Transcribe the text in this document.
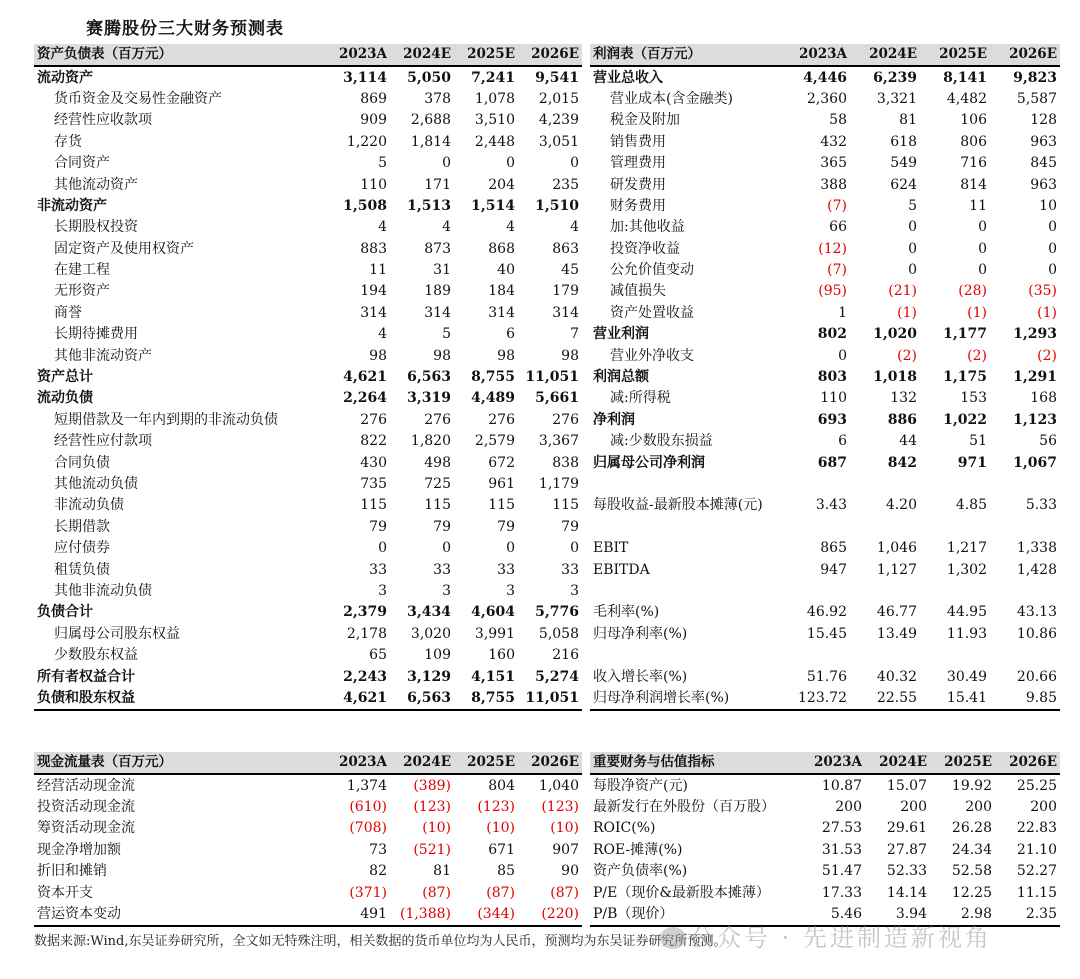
赛腾股份三大财务预测表
资产负债表（百万元）	2023A	2024E	2025E	2026E
流动资产	3,114	5,050	7,241	9,541
货币资金及交易性金融资产	869	378	1,078	2,015
经营性应收款项	909	2,688	3,510	4,239
存货	1,220	1,814	2,448	3,051
合同资产	5	0	0	0
其他流动资产	110	171	204	235
非流动资产	1,508	1,513	1,514	1,510
长期股权投资	4	4	4	4
固定资产及使用权资产	883	873	868	863
在建工程	11	31	40	45
无形资产	194	189	184	179
商誉	314	314	314	314
长期待摊费用	4	5	6	7
其他非流动资产	98	98	98	98
资产总计	4,621	6,563	8,755	11,051
流动负债	2,264	3,319	4,489	5,661
短期借款及一年内到期的非流动负债	276	276	276	276
经营性应付款项	822	1,820	2,579	3,367
合同负债	430	498	672	838
其他流动负债	735	725	961	1,179
非流动负债	115	115	115	115
长期借款	79	79	79	79
应付债券	0	0	0	0
租赁负债	33	33	33	33
其他非流动负债	3	3	3	3
负债合计	2,379	3,434	4,604	5,776
归属母公司股东权益	2,178	3,020	3,991	5,058
少数股东权益	65	109	160	216
所有者权益合计	2,243	3,129	4,151	5,274
负债和股东权益	4,621	6,563	8,755	11,051
利润表（百万元）	2023A	2024E	2025E	2026E
营业总收入	4,446	6,239	8,141	9,823
营业成本(含金融类)	2,360	3,321	4,482	5,587
税金及附加	58	81	106	128
销售费用	432	618	806	963
管理费用	365	549	716	845
研发费用	388	624	814	963
财务费用	(7)	5	11	10
加:其他收益	66	0	0	0
投资净收益	(12)	0	0	0
公允价值变动	(7)	0	0	0
减值损失	(95)	(21)	(28)	(35)
资产处置收益	1	(1)	(1)	(1)
营业利润	802	1,020	1,177	1,293
营业外净收支	0	(2)	(2)	(2)
利润总额	803	1,018	1,175	1,291
减:所得税	110	132	153	168
净利润	693	886	1,022	1,123
减:少数股东损益	6	44	51	56
归属母公司净利润	687	842	971	1,067

每股收益-最新股本摊薄(元)	3.43	4.20	4.85	5.33

EBIT	865	1,046	1,217	1,338
EBITDA	947	1,127	1,302	1,428

毛利率(%)	46.92	46.77	44.95	43.13
归母净利率(%)	15.45	13.49	11.93	10.86

收入增长率(%)	51.76	40.32	30.49	20.66
归母净利润增长率(%)	123.72	22.55	15.41	9.85
现金流量表（百万元）	2023A	2024E	2025E	2026E
经营活动现金流	1,374	(389)	804	1,040
投资活动现金流	(610)	(123)	(123)	(123)
筹资活动现金流	(708)	(10)	(10)	(10)
现金净增加额	73	(521)	671	907
折旧和摊销	82	81	85	90
资本开支	(371)	(87)	(87)	(87)
营运资本变动	491	(1,388)	(344)	(220)
重要财务与估值指标	2023A	2024E	2025E	2026E
每股净资产(元)	10.87	15.07	19.92	25.25
最新发行在外股份（百万股）	200	200	200	200
ROIC(%)	27.53	29.61	26.28	22.83
ROE-摊薄(%)	31.53	27.87	24.34	21.10
资产负债率(%)	51.47	52.33	52.58	52.27
P/E（现价&最新股本摊薄）	17.33	14.14	12.25	11.15
P/B（现价）	5.46	3.94	2.98	2.35
数据来源:Wind,东吴证券研究所，全文如无特殊注明，相关数据的货币单位均为人民币，预测均为东吴证券研究所预测。
公众号 · 先进制造新视角
